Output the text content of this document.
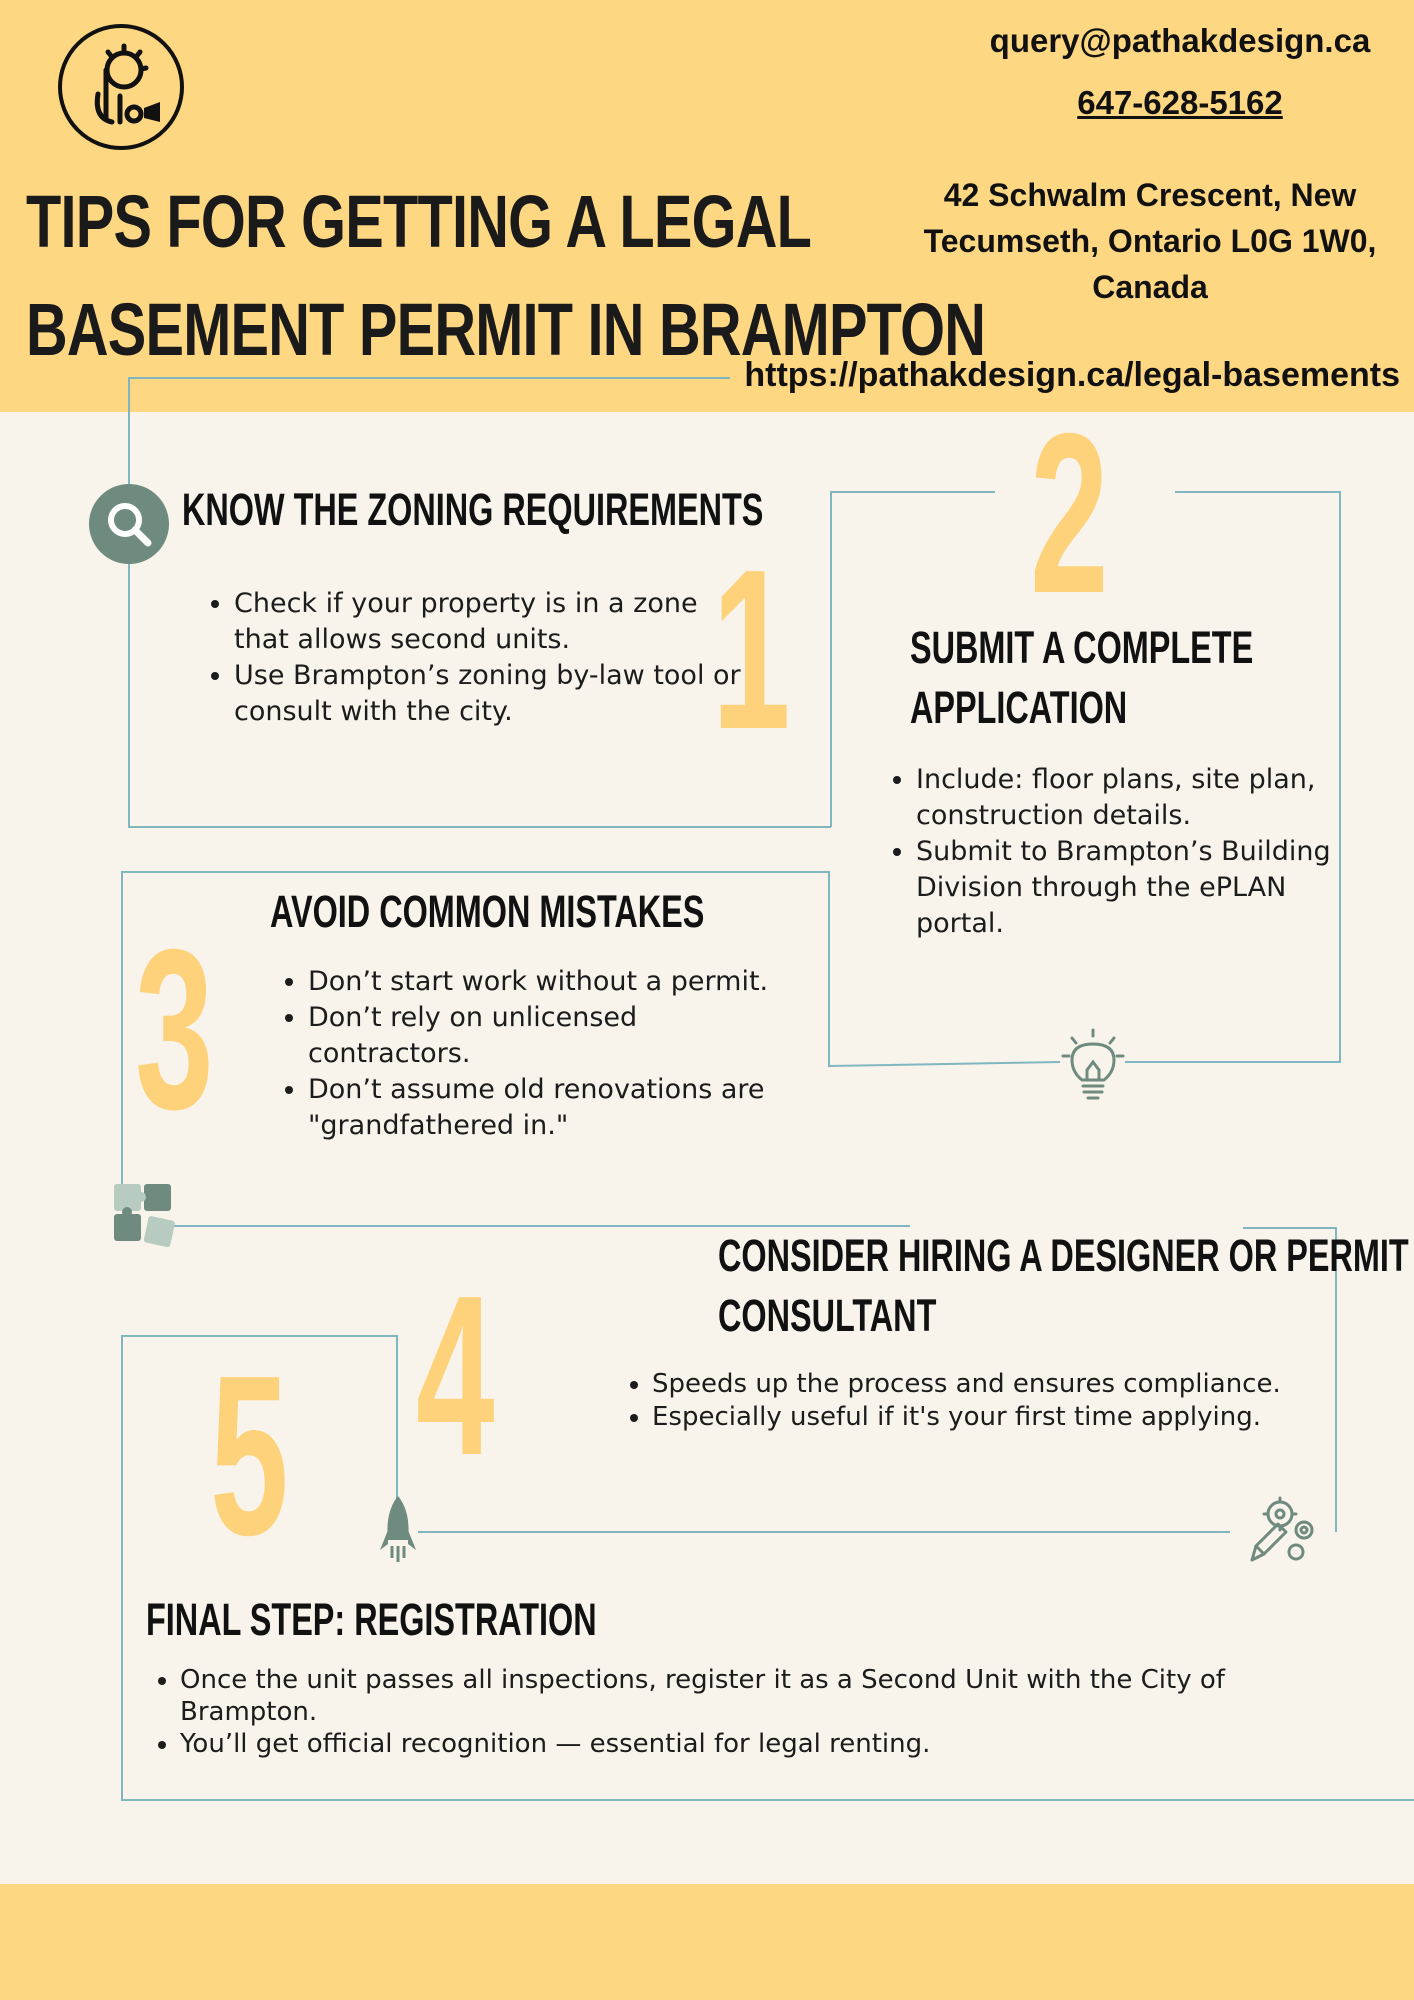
TIPS FOR GETTING A LEGAL
BASEMENT PERMIT IN BRAMPTON
query@pathakdesign.ca
647-628-5162
42 Schwalm Crescent, New
Tecumseth, Ontario L0G 1W0,
Canada
https://pathakdesign.ca/legal-basements
1
2
3
4
5
KNOW THE ZONING REQUIREMENTS
• Check if your property is in a zone that allows second units.
• Use Brampton’s zoning by-law tool or consult with the city.
SUBMIT A COMPLETE
APPLICATION
• Include: floor plans, site plan, construction details.
• Submit to Brampton’s Building Division through the ePLAN portal.
AVOID COMMON MISTAKES
• Don’t start work without a permit.
• Don’t rely on unlicensed contractors.
• Don’t assume old renovations are "grandfathered in."
CONSIDER HIRING A DESIGNER OR PERMIT
CONSULTANT
• Speeds up the process and ensures compliance.
• Especially useful if it's your first time applying.
FINAL STEP: REGISTRATION
• Once the unit passes all inspections, register it as a Second Unit with the City of Brampton.
• You’ll get official recognition — essential for legal renting.
